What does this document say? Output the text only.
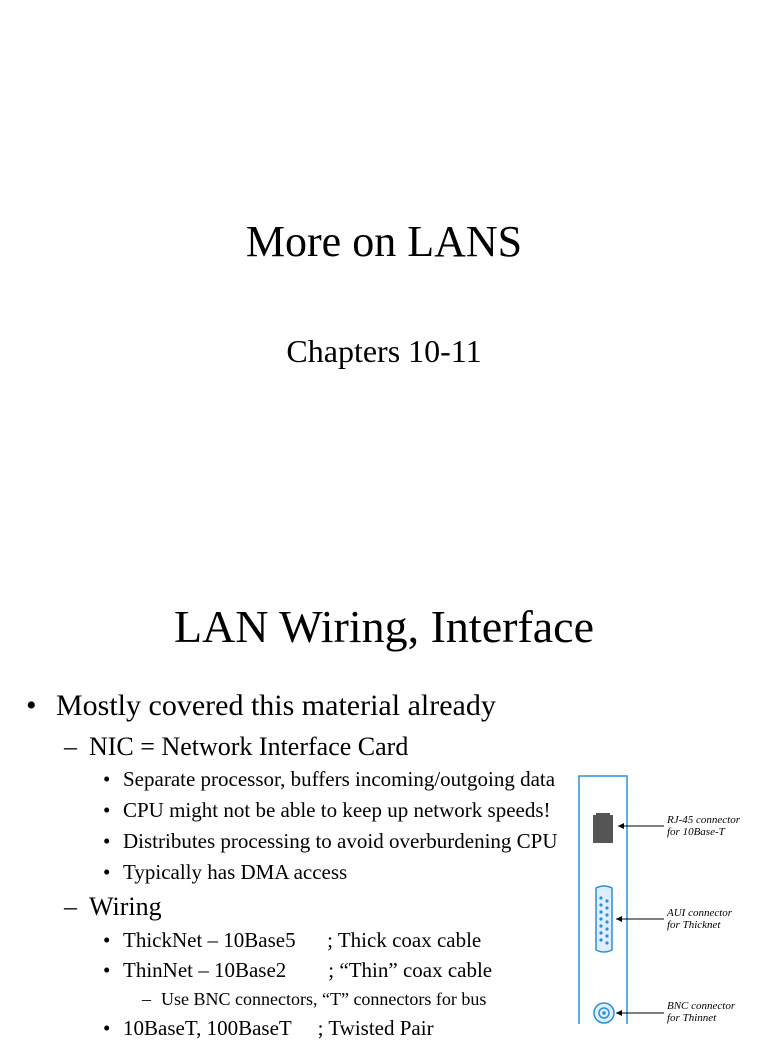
More on LANS
Chapters 10-11
LAN Wiring, Interface
• Mostly covered this material already
– NIC = Network Interface Card
• Separate processor, buffers incoming/outgoing data
• CPU might not be able to keep up network speeds!
• Distributes processing to avoid overburdening CPU
• Typically has DMA access
– Wiring
• ThickNet – 10Base5      ; Thick coax cable
• ThinNet – 10Base2        ; “Thin” coax cable
– Use BNC connectors, “T” connectors for bus
• 10BaseT, 100BaseT     ; Twisted Pair
RJ-45 connector
for 10Base-T
AUI connector
for Thicknet
BNC connector
for Thinnet
